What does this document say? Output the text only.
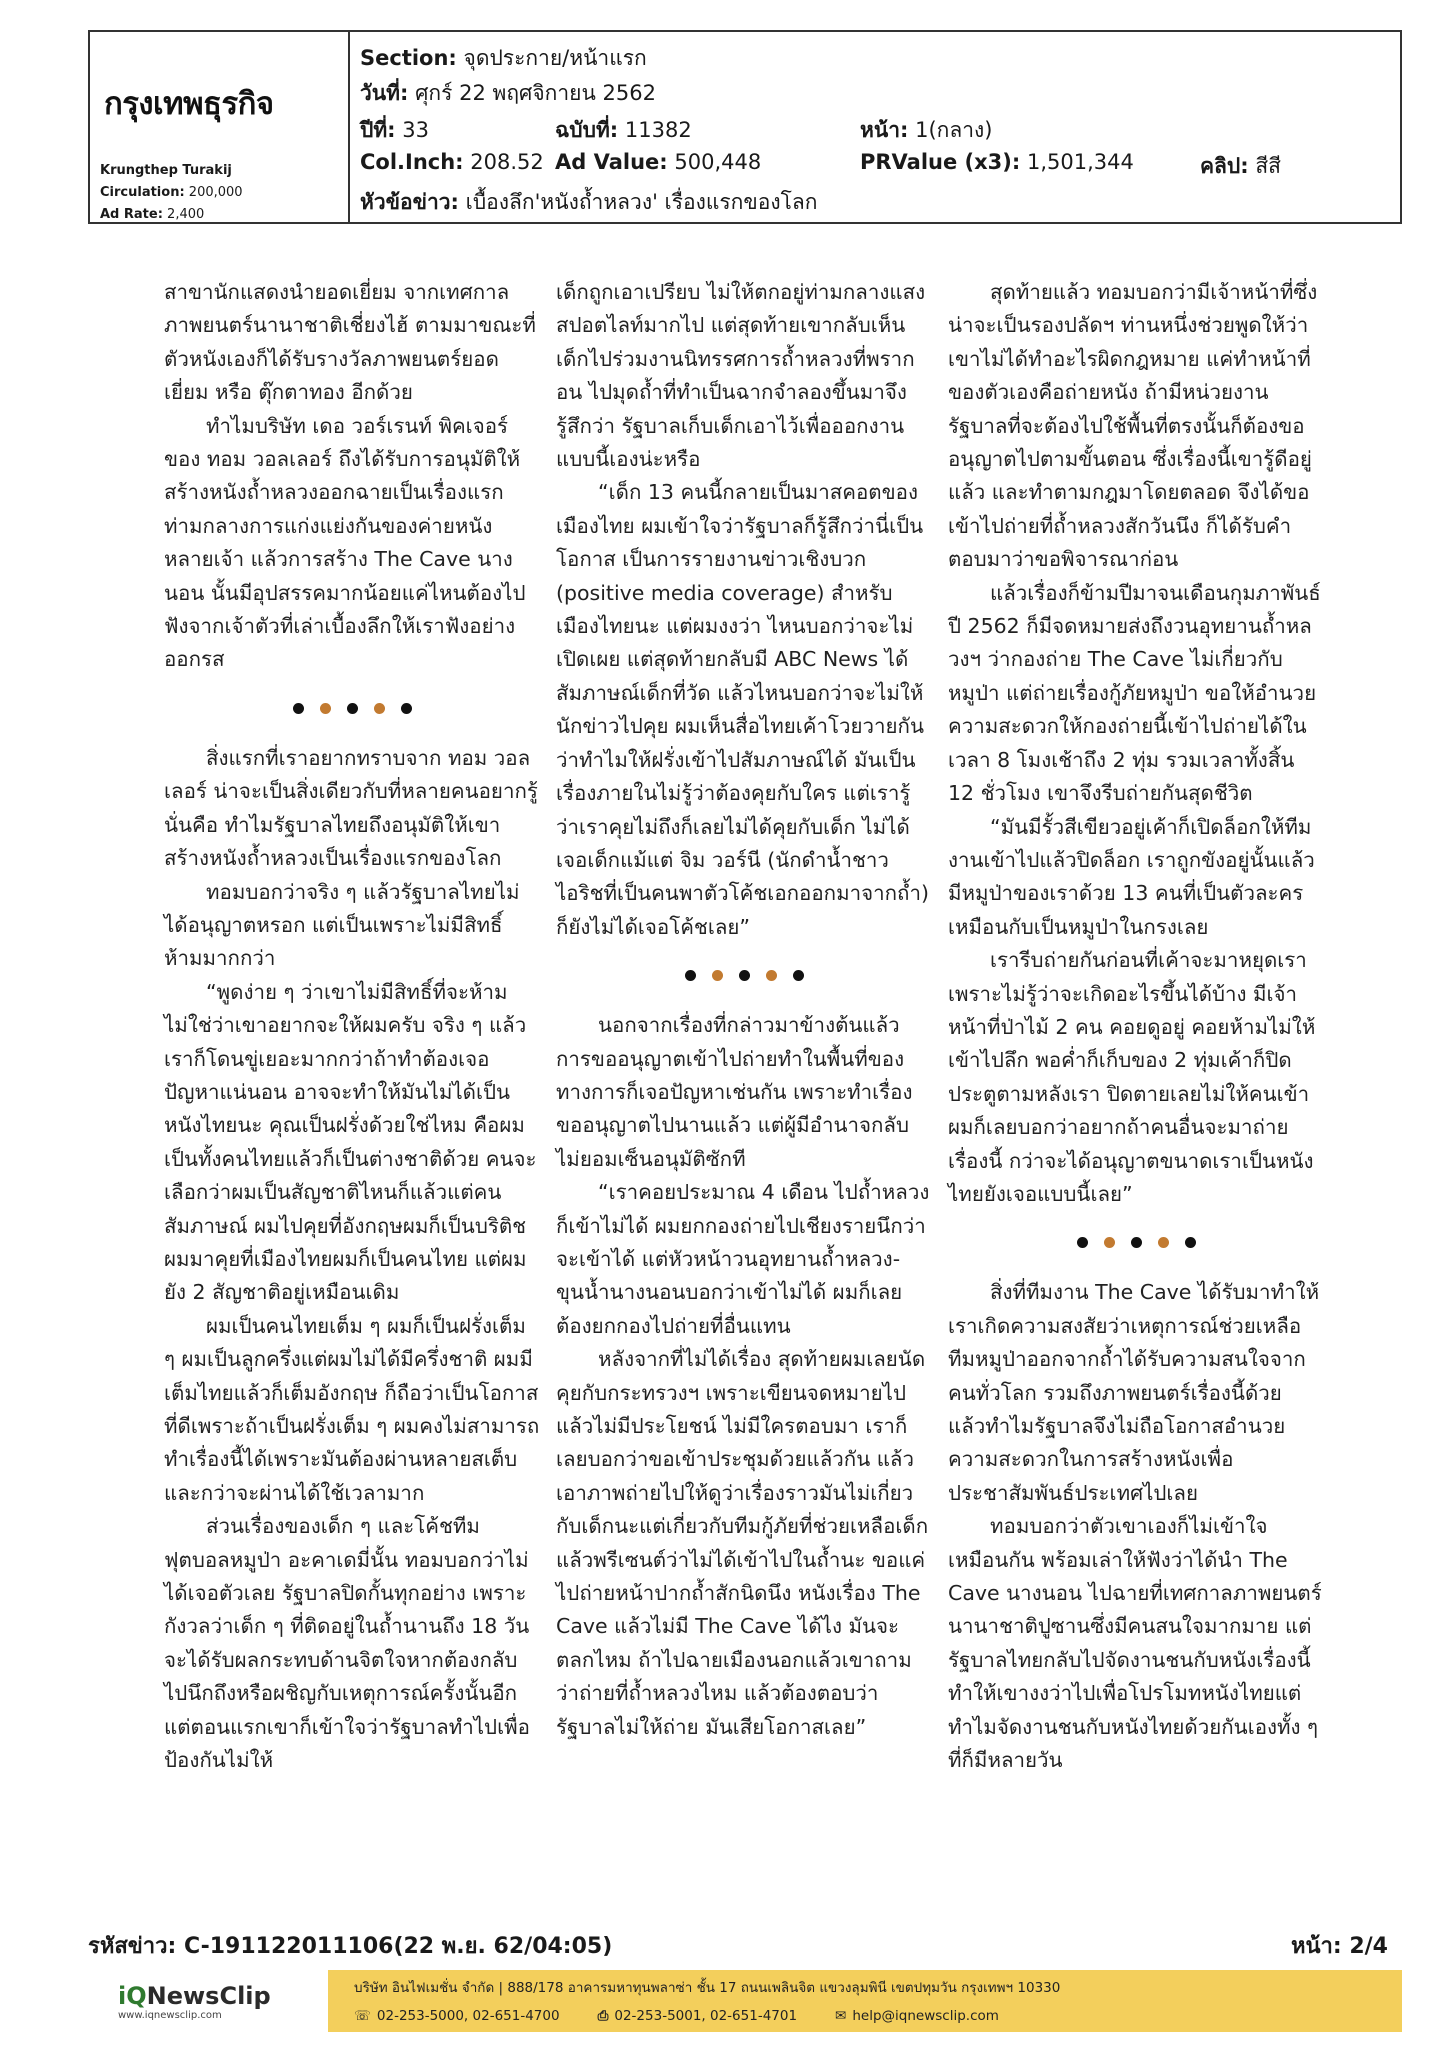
กรุงเทพธุรกิจ
Krungthep Turakij
Circulation: 200,000
Ad Rate: 2,400
Section: จุดประกาย/หน้าแรก
วันที่: ศุกร์ 22 พฤศจิกายน 2562
ปีที่: 33	ฉบับที่: 11382	หน้า: 1(กลาง)
Col.Inch: 208.52 Ad Value: 500,448	PRValue (x3): 1,501,344	คลิป: สีสี
หัวข้อข่าว: เบื้องลึก'หนังถ้ำหลวง' เรื่องแรกของโลก

สาขานักแสดงนำยอดเยี่ยม จากเทศกาลภาพยนตร์นานาชาติเชี่ยงไฮ้ ตามมาขณะที่ตัวหนังเองก็ได้รับรางวัลภาพยนตร์ยอดเยี่ยม หรือ ตุ๊กตาทอง อีกด้วย

ทำไมบริษัท เดอ วอร์เรนท์ พิคเจอร์ ของ ทอม วอลเลอร์ ถึงได้รับการอนุมัติให้สร้างหนังถ้ำหลวงออกฉายเป็นเรื่องแรกท่ามกลางการแก่งแย่งกันของค่ายหนังหลายเจ้า แล้วการสร้าง The Cave นางนอน นั้นมีอุปสรรคมากน้อยแค่ไหนต้องไปฟังจากเจ้าตัวที่เล่าเบื้องลึกให้เราฟังอย่างออกรส

สิ่งแรกที่เราอยากทราบจาก ทอม วอลเลอร์ น่าจะเป็นสิ่งเดียวกับที่หลายคนอยากรู้ นั่นคือ ทำไมรัฐบาลไทยถึงอนุมัติให้เขาสร้างหนังถ้ำหลวงเป็นเรื่องแรกของโลก

ทอมบอกว่าจริง ๆ แล้วรัฐบาลไทยไม่ได้อนุญาตหรอก แต่เป็นเพราะไม่มีสิทธิ์ห้ามมากกว่า

“พูดง่าย ๆ ว่าเขาไม่มีสิทธิ์ที่จะห้าม ไม่ใช่ว่าเขาอยากจะให้ผมครับ จริง ๆ แล้วเราก็โดนขู่เยอะมากกว่าถ้าทำต้องเจอปัญหาแน่นอน อาจจะทำให้มันไม่ได้เป็นหนังไทยนะ คุณเป็นฝรั่งด้วยใช่ไหม คือผมเป็นทั้งคนไทยแล้วก็เป็นต่างชาติด้วย คนจะเลือกว่าผมเป็นสัญชาติไหนก็แล้วแต่คนสัมภาษณ์ ผมไปคุยที่อังกฤษผมก็เป็นบริติช ผมมาคุยที่เมืองไทยผมก็เป็นคนไทย แต่ผมยัง 2 สัญชาติอยู่เหมือนเดิม

ผมเป็นคนไทยเต็ม ๆ ผมก็เป็นฝรั่งเต็ม ๆ ผมเป็นลูกครึ่งแต่ผมไม่ได้มีครึ่งชาติ ผมมีเต็มไทยแล้วก็เต็มอังกฤษ ก็ถือว่าเป็นโอกาสที่ดีเพราะถ้าเป็นฝรั่งเต็ม ๆ ผมคงไม่สามารถทำเรื่องนี้ได้เพราะมันต้องผ่านหลายสเต็บ และกว่าจะผ่านได้ใช้เวลามาก

ส่วนเรื่องของเด็ก ๆ และโค้ชทีมฟุตบอลหมูป่า อะคาเดมี่นั้น ทอมบอกว่าไม่ได้เจอตัวเลย รัฐบาลปิดกั้นทุกอย่าง เพราะกังวลว่าเด็ก ๆ ที่ติดอยู่ในถ้ำนานถึง 18 วันจะได้รับผลกระทบด้านจิตใจหากต้องกลับไปนึกถึงหรือผชิญกับเหตุการณ์ครั้งนั้นอีก แต่ตอนแรกเขาก็เข้าใจว่ารัฐบาลทำไปเพื่อป้องกันไม่ให้

เด็กถูกเอาเปรียบ ไม่ให้ตกอยู่ท่ามกลางแสงสปอตไลท์มากไป แต่สุดท้ายเขากลับเห็นเด็กไปร่วมงานนิทรรศการถ้ำหลวงที่พรากอน ไปมุดถ้ำที่ทำเป็นฉากจำลองขึ้นมาจึงรู้สึกว่า รัฐบาลเก็บเด็กเอาไว้เพื่อออกงานแบบนี้เองน่ะหรือ

“เด็ก 13 คนนี้กลายเป็นมาสคอตของเมืองไทย ผมเข้าใจว่ารัฐบาลก็รู้สึกว่านี่เป็นโอกาส เป็นการรายงานข่าวเชิงบวก (positive media coverage) สำหรับเมืองไทยนะ แต่ผมงงว่า ไหนบอกว่าจะไม่เปิดเผย แต่สุดท้ายกลับมี ABC News ได้สัมภาษณ์เด็กที่วัด แล้วไหนบอกว่าจะไม่ให้นักข่าวไปคุย ผมเห็นสื่อไทยเค้าโวยวายกันว่าทำไมให้ฝรั่งเข้าไปสัมภาษณ์ได้ มันเป็นเรื่องภายในไม่รู้ว่าต้องคุยกับใคร แต่เรารู้ว่าเราคุยไม่ถึงก็เลยไม่ได้คุยกับเด็ก ไม่ได้เจอเด็กแม้แต่ จิม วอร์นี (นักดำน้ำชาวไอริชที่เป็นคนพาตัวโค้ชเอกออกมาจากถ้ำ) ก็ยังไม่ได้เจอโค้ชเลย”

นอกจากเรื่องที่กล่าวมาข้างต้นแล้ว การขออนุญาตเข้าไปถ่ายทำในพื้นที่ของทางการก็เจอปัญหาเช่นกัน เพราะทำเรื่องขออนุญาตไปนานแล้ว แต่ผู้มีอำนาจกลับไม่ยอมเซ็นอนุมัติซักที

“เราคอยประมาณ 4 เดือน ไปถ้ำหลวงก็เข้าไม่ได้ ผมยกกองถ่ายไปเชียงรายนึกว่าจะเข้าได้ แต่หัวหน้าวนอุทยานถ้ำหลวง-ขุนน้ำนางนอนบอกว่าเข้าไม่ได้ ผมก็เลยต้องยกกองไปถ่ายที่อื่นแทน

หลังจากที่ไม่ได้เรื่อง สุดท้ายผมเลยนัดคุยกับกระทรวงฯ เพราะเขียนจดหมายไปแล้วไม่มีประโยชน์ ไม่มีใครตอบมา เราก็เลยบอกว่าขอเข้าประชุมด้วยแล้วกัน แล้วเอาภาพถ่ายไปให้ดูว่าเรื่องราวมันไม่เกี่ยวกับเด็กนะแต่เกี่ยวกับทีมกู้ภัยที่ช่วยเหลือเด็ก แล้วพรีเซนต์ว่าไม่ได้เข้าไปในถ้ำนะ ขอแค่ไปถ่ายหน้าปากถ้ำสักนิดนึง หนังเรื่อง The Cave แล้วไม่มี The Cave ได้ไง มันจะตลกไหม ถ้าไปฉายเมืองนอกแล้วเขาถามว่าถ่ายที่ถ้ำหลวงไหม แล้วต้องตอบว่ารัฐบาลไม่ให้ถ่าย มันเสียโอกาสเลย”

สุดท้ายแล้ว ทอมบอกว่ามีเจ้าหน้าที่ซึ่งน่าจะเป็นรองปลัดฯ ท่านหนึ่งช่วยพูดให้ว่าเขาไม่ได้ทำอะไรผิดกฎหมาย แค่ทำหน้าที่ของตัวเองคือถ่ายหนัง ถ้ามีหน่วยงานรัฐบาลที่จะต้องไปใช้พื้นที่ตรงนั้นก็ต้องขออนุญาตไปตามขั้นตอน ซึ่งเรื่องนี้เขารู้ดีอยู่แล้ว และทำตามกฎมาโดยตลอด จึงได้ขอเข้าไปถ่ายที่ถ้ำหลวงสักวันนึง ก็ได้รับคำตอบมาว่าขอพิจารณาก่อน

แล้วเรื่องก็ข้ามปีมาจนเดือนกุมภาพันธ์ ปี 2562 ก็มีจดหมายส่งถึงวนอุทยานถ้ำหลวงฯ ว่ากองถ่าย The Cave ไม่เกี่ยวกับหมูป่า แต่ถ่ายเรื่องกู้ภัยหมูป่า ขอให้อำนวยความสะดวกให้กองถ่ายนี้เข้าไปถ่ายได้ในเวลา 8 โมงเช้าถึง 2 ทุ่ม รวมเวลาทั้งสิ้น 12 ชั่วโมง เขาจึงรีบถ่ายกันสุดชีวิต

“มันมีรั้วสีเขียวอยู่เค้าก็เปิดล็อกให้ทีมงานเข้าไปแล้วปิดล็อก เราถูกขังอยู่นั้นแล้วมีหมูป่าของเราด้วย 13 คนที่เป็นตัวละคร เหมือนกับเป็นหมูป่าในกรงเลย

เรารีบถ่ายกันก่อนที่เค้าจะมาหยุดเราเพราะไม่รู้ว่าจะเกิดอะไรขึ้นได้บ้าง มีเจ้าหน้าที่ป่าไม้ 2 คน คอยดูอยู่ คอยห้ามไม่ให้เข้าไปลึก พอค่ำก็เก็บของ 2 ทุ่มเค้าก็ปิดประตูตามหลังเรา ปิดตายเลยไม่ให้คนเข้า ผมก็เลยบอกว่าอยากถ้าคนอื่นจะมาถ่ายเรื่องนี้ กว่าจะได้อนุญาตขนาดเราเป็นหนังไทยยังเจอแบบนี้เลย”

สิ่งที่ทีมงาน The Cave ได้รับมาทำให้เราเกิดความสงสัยว่าเหตุการณ์ช่วยเหลือทีมหมูป่าออกจากถ้ำได้รับความสนใจจากคนทั่วโลก รวมถึงภาพยนตร์เรื่องนี้ด้วย แล้วทำไมรัฐบาลจึงไม่ถือโอกาสอำนวยความสะดวกในการสร้างหนังเพื่อประชาสัมพันธ์ประเทศไปเลย

ทอมบอกว่าตัวเขาเองก็ไม่เข้าใจเหมือนกัน พร้อมเล่าให้ฟังว่าได้นำ The Cave นางนอน ไปฉายที่เทศกาลภาพยนตร์นานาชาติปูซานซึ่งมีคนสนใจมากมาย แต่รัฐบาลไทยกลับไปจัดงานชนกับหนังเรื่องนี้ ทำให้เขางงว่าไปเพื่อโปรโมทหนังไทยแต่ทำไมจัดงานชนกับหนังไทยด้วยกันเองทั้ง ๆ ที่ก็มีหลายวัน

รหัสข่าว: C-191122011106(22 พ.ย. 62/04:05)	หน้า: 2/4
iQNewsClip
www.iqnewsclip.com
บริษัท อินไฟเมชั่น จำกัด | 888/178 อาคารมหาทุนพลาซ่า ชั้น 17 ถนนเพลินจิต แขวงลุมพินี เขตปทุมวัน กรุงเทพฯ 10330
☏ 02-253-5000, 02-651-4700	⎙ 02-253-5001, 02-651-4701	✉ help@iqnewsclip.com
